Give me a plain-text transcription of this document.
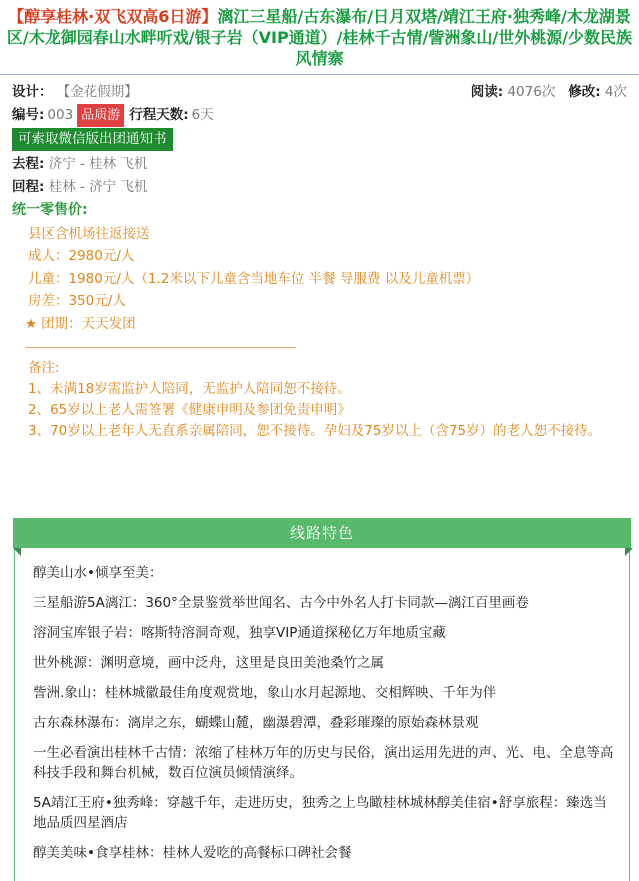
【醇享桂林·双飞双高6日游】漓江三星船/古东瀑布/日月双塔/靖江王府·独秀峰/木龙湖景区/木龙御园春山水畔听戏/银子岩（VIP通道）/桂林千古情/訾洲象山/世外桃源/少数民族风情寨
设计： 【金花假期】	阅读: 4076次 修改: 4次
编号: 003 品质游 行程天数: 6天
可索取微信版出团通知书
去程: 济宁 - 桂林 飞机
回程: 桂林 - 济宁 飞机
统一零售价:
县区含机场往返接送
成人：2980元/人
儿童：1980元/人（1.2米以下儿童含当地车位 半餐 导服费 以及儿童机票）
房差：350元/人
★ 团期：天天发团
备注:
1、未满18岁需监护人陪同，无监护人陪同恕不接待。
2、65岁以上老人需签署《健康申明及参团免责申明》
3、70岁以上老年人无直系亲属陪同，恕不接待。孕妇及75岁以上（含75岁）的老人恕不接待。
线路特色

醇美山水•倾享至美：

三星船游5A漓江：360°全景鉴赏举世闻名、古今中外名人打卡同款—漓江百里画卷

溶洞宝库银子岩：喀斯特溶洞奇观，独享VIP通道探秘亿万年地质宝藏

世外桃源：渊明意境，画中泛舟，这里是良田美池桑竹之属

訾洲.象山：桂林城徽最佳角度观赏地，象山水月起源地、交相辉映、千年为伴

古东森林瀑布：漓岸之东，蝴蝶山麓，幽瀑碧潭，叠彩璀璨的原始森林景观

一生必看演出桂林千古情：浓缩了桂林万年的历史与民俗，演出运用先进的声、光、电、全息等高科技手段和舞台机械，数百位演员倾情演绎。

5A靖江王府•独秀峰：穿越千年，走进历史，独秀之上鸟瞰桂林城林醇美佳宿•舒享旅程：臻选当地品质四星酒店

醇美美味•食享桂林：桂林人爱吃的高餐标口碑社会餐
